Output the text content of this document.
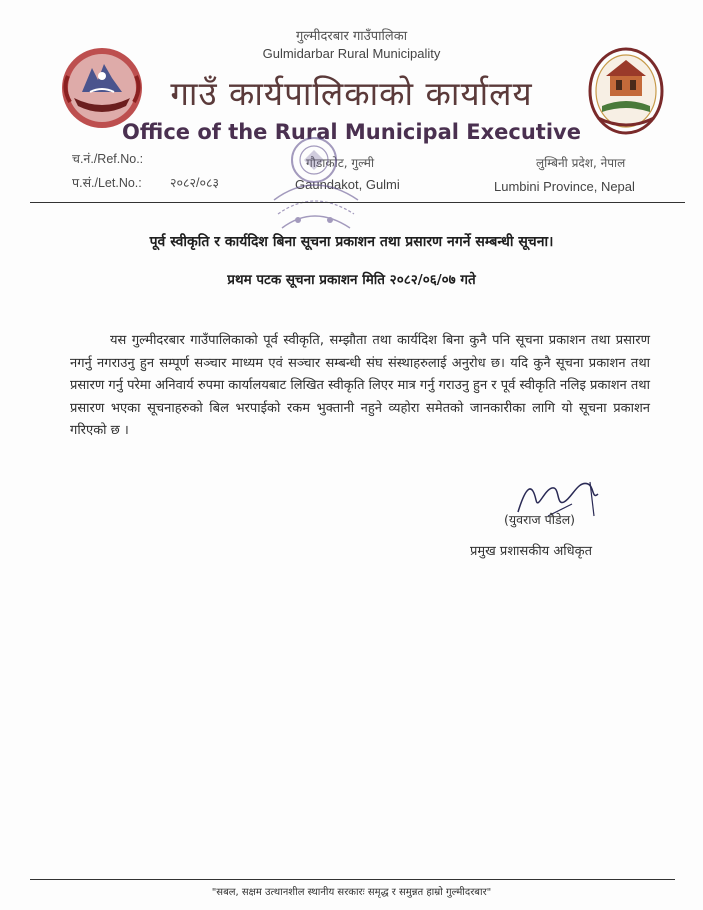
गुल्मीदरबार गाउँपालिका
Gulmidarbar Rural Municipality
गाउँ कार्यपालिकाको कार्यालय
Office of the Rural Municipal Executive
च.नं./Ref.No.:
प.सं./Let.No.: २०८२/०८३
गौडाकोट, गुल्मी
Gaundakot, Gulmi
लुम्बिनी प्रदेश, नेपाल
Lumbini Province, Nepal
पूर्व स्वीकृति र कार्यदिश बिना सूचना प्रकाशन तथा प्रसारण नगर्ने सम्बन्धी सूचना।
प्रथम पटक सूचना प्रकाशन मिति २०८२/०६/०७ गते
यस गुल्मीदरबार गाउँपालिकाको पूर्व स्वीकृति, सम्झौता तथा कार्यदिश बिना कुनै पनि सूचना प्रकाशन तथा प्रसारण नगर्नु नगराउनु हुन सम्पूर्ण सञ्चार माध्यम एवं सञ्चार सम्बन्धी संघ संस्थाहरुलाई अनुरोध छ। यदि कुनै सूचना प्रकाशन तथा प्रसारण गर्नु परेमा अनिवार्य रुपमा कार्यालयबाट लिखित स्वीकृति लिएर मात्र गर्नु गराउनु हुन र पूर्व स्वीकृति नलिइ प्रकाशन तथा प्रसारण भएका सूचनाहरुको बिल भरपाईको रकम भुक्तानी नहुने व्यहोरा समेतको जानकारीका लागि यो सूचना प्रकाशन गरिएको छ ।
(युवराज पौडेल)
प्रमुख प्रशासकीय अधिकृत
"सबल, सक्षम उत्थानशील स्थानीय सरकारः समृद्ध र समुन्नत हाम्रो गुल्मीदरबार"
